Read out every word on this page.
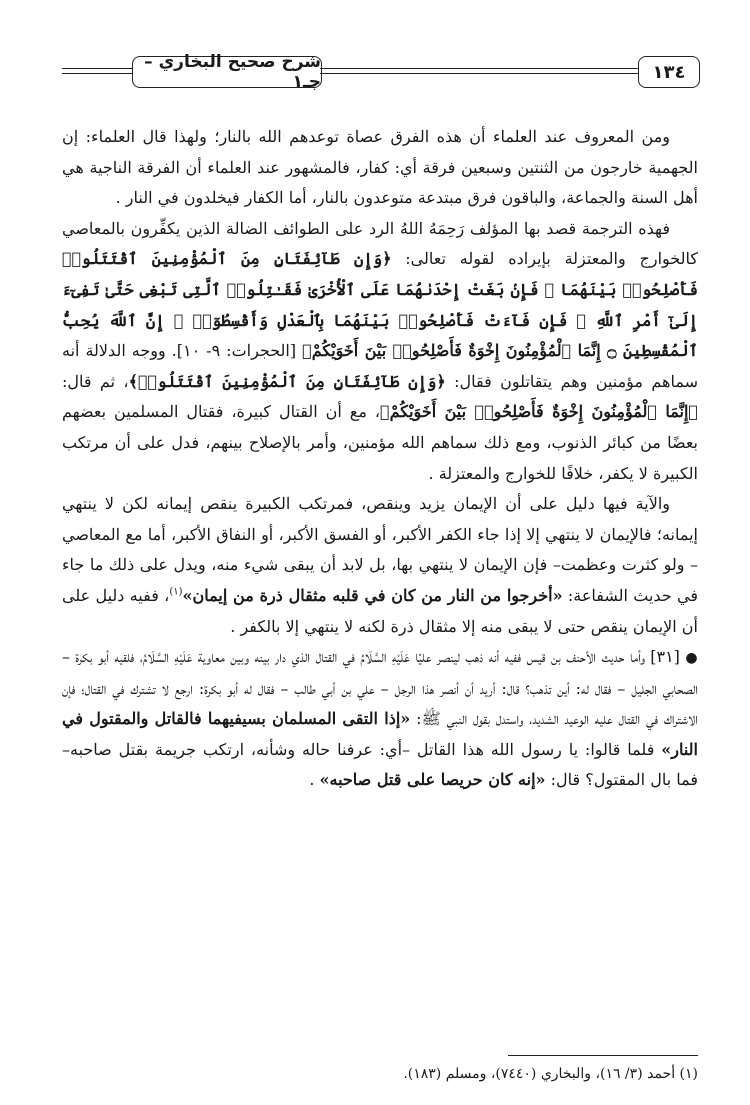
شرح صحيح البخاري – جـ١	١٣٤

ومن المعروف عند العلماء أن هذه الفرق عصاة توعدهم الله بالنار؛ ولهذا قال العلماء: إن الجهمية خارجون من الثنتين وسبعين فرقة أي: كفار، فالمشهور عند العلماء أن الفرقة الناجية هي أهل السنة والجماعة، والباقون فرق مبتدعة متوعدون بالنار، أما الكفار فيخلدون في النار .

فهذه الترجمة قصد بها المؤلف رَحِمَهُ اللهُ الرد على الطوائف الضالة الذين يكفِّرون بالمعاصي كالخوارج والمعتزلة بإيراده لقوله تعالى: ﴿وَإِن طَآئِفَتَانِ مِنَ ٱلْمُؤْمِنِينَ ٱقْتَتَلُوا۟ فَأَصْلِحُوا۟ بَيْنَهُمَا ۖ فَإِنۢ بَغَتْ إِحْدَىٰهُمَا عَلَى ٱلْأُخْرَىٰ فَقَـٰتِلُوا۟ ٱلَّتِى تَبْغِى حَتَّىٰ تَفِىٓءَ إِلَىٰٓ أَمْرِ ٱللَّهِ ۚ فَإِن فَآءَتْ فَأَصْلِحُوا۟ بَيْنَهُمَا بِٱلْعَدْلِ وَأَقْسِطُوٓا۟ ۖ إِنَّ ٱللَّهَ يُحِبُّ ٱلْمُقْسِطِينَ ۝ إِنَّمَا ٱلْمُؤْمِنُونَ إِخْوَةٌ فَأَصْلِحُوا۟ بَيْنَ أَخَوَيْكُمْ﴾ [الحجرات: ٩- ١٠]. ووجه الدلالة أنه سماهم مؤمنين وهم يتقاتلون فقال: ﴿وَإِن طَآئِفَتَانِ مِنَ ٱلْمُؤْمِنِينَ ٱقْتَتَلُوا۟﴾، ثم قال: ﴿إِنَّمَا ٱلْمُؤْمِنُونَ إِخْوَةٌ فَأَصْلِحُوا۟ بَيْنَ أَخَوَيْكُمْ﴾، مع أن القتال كبيرة، فقتال المسلمين بعضهم بعضًا من كبائر الذنوب، ومع ذلك سماهم الله مؤمنين، وأمر بالإصلاح بينهم، فدل على أن مرتكب الكبيرة لا يكفر، خلافًا للخوارج والمعتزلة .

والآية فيها دليل على أن الإيمان يزيد وينقص، فمرتكب الكبيرة ينقص إيمانه لكن لا ينتهي إيمانه؛ فالإيمان لا ينتهي إلا إذا جاء الكفر الأكبر، أو الفسق الأكبر، أو النفاق الأكبر، أما مع المعاصي – ولو كثرت وعظمت– فإن الإيمان لا ينتهي بها، بل لابد أن يبقى شيء منه، ويدل على ذلك ما جاء في حديث الشفاعة: «أخرجوا من النار من كان في قلبه مثقال ذرة من إيمان»$^{(١)}$، ففيه دليل على أن الإيمان ينقص حتى لا يبقى منه إلا مثقال ذرة لكنه لا ينتهي إلا بالكفر .

● [٣١] وأما حديث الأحنف بن قيس ففيه أنه ذهب لينصر عليًا عَلَيْهِ السَّلَامُ في القتال الذي دار بينه وبين معاوية عَلَيْهِ السَّلَامُ، فلقيه أبو بكرة – الصحابي الجليل – فقال له: أين تذهب؟ قال: أريد أن أنصر هذا الرجل – علي بن أبي طالب – فقال له أبو بكرة: ارجع لا تشترك في القتال؛ فإن الاشتراك في القتال عليه الوعيد الشديد، واستدل بقول النبي ﷺ: «إذا التقى المسلمان بسيفيهما فالقاتل والمقتول في النار» فلما قالوا: يا رسول الله هذا القاتل –أي: عرفنا حاله وشأنه، ارتكب جريمة بقتل صاحبه– فما بال المقتول؟ قال: «إنه كان حريصا على قتل صاحبه» .

(١) أحمد (٣/ ١٦)، والبخاري (٧٤٤٠)، ومسلم (١٨٣).
